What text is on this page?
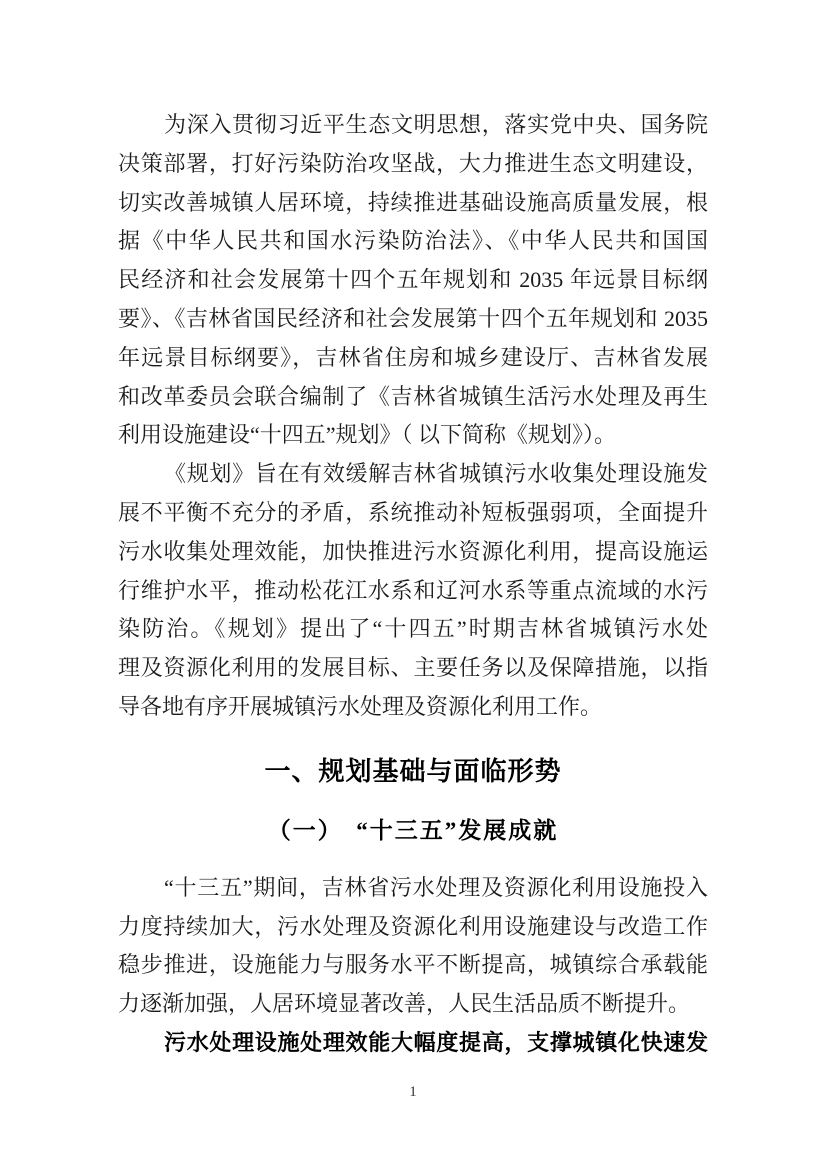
为深入贯彻习近平生态文明思想，落实党中央、国务院
决策部署，打好污染防治攻坚战，大力推进生态文明建设，
切实改善城镇人居环境，持续推进基础设施高质量发展，根
据《中华人民共和国水污染防治法》、《中华人民共和国国
民经济和社会发展第十四个五年规划和 2035 年远景目标纲
要》、《吉林省国民经济和社会发展第十四个五年规划和 2035
年远景目标纲要》，吉林省住房和城乡建设厅、吉林省发展
和改革委员会联合编制了《吉林省城镇生活污水处理及再生
利用设施建设“十四五”规划》（ 以下简称《规划》）。
《规划》旨在有效缓解吉林省城镇污水收集处理设施发
展不平衡不充分的矛盾，系统推动补短板强弱项，全面提升
污水收集处理效能，加快推进污水资源化利用，提高设施运
行维护水平，推动松花江水系和辽河水系等重点流域的水污
染防治。《规划》提出了“十四五”时期吉林省城镇污水处
理及资源化利用的发展目标、主要任务以及保障措施，以指
导各地有序开展城镇污水处理及资源化利用工作。
一、规划基础与面临形势
（一）　“十三五”发展成就
“十三五”期间，吉林省污水处理及资源化利用设施投入
力度持续加大，污水处理及资源化利用设施建设与改造工作
稳步推进，设施能力与服务水平不断提高，城镇综合承载能
力逐渐加强，人居环境显著改善，人民生活品质不断提升。
污水处理设施处理效能大幅度提高，支撑城镇化快速发
1
